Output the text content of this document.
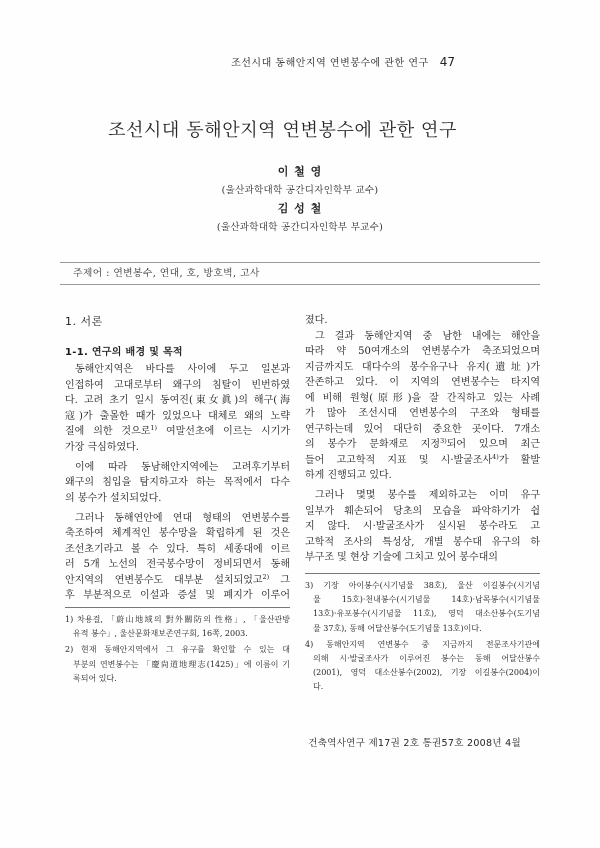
조선시대 동해안지역 연변봉수에 관한 연구 47
조선시대 동해안지역 연변봉수에 관한 연구
이 철 영
(울산과학대학 공간디자인학부 교수)
김 성 철
(울산과학대학 공간디자인학부 부교수)
주제어 : 연변봉수, 연대, 호, 방호벽, 고사
1. 서론
1-1. 연구의 배경 및 목적
동해안지역은 바다를 사이에 두고 일본과
인접하여 고대로부터 왜구의 침탈이 빈번하였
다. 고려 초기 일시 동여진(東女眞)의 해구(海
寇)가 출몰한 때가 있었으나 대체로 왜의 노략
질에 의한 것으로$^{1)}$ 여말선초에 이르는 시기가
가장 극심하였다.
이에 따라 동남해안지역에는 고려후기부터
왜구의 침입을 탐지하고자 하는 목적에서 다수
의 봉수가 설치되었다.
그러나 동해연안에 연대 형태의 연변봉수를
축조하여 체계적인 봉수망을 확립하게 된 것은
조선초기라고 볼 수 있다. 특히 세종대에 이르
러 5개 노선의 전국봉수망이 정비되면서 동해
안지역의 연변봉수도 대부분 설치되었고$^{2)}$ 그
후 부분적으로 이설과 증설 및 폐지가 이루어
1) 차용걸, 「蔚山地域의 對外關防의 性格」, 「울산관방
유적 봉수」, 울산문화재보존연구회, 16쪽, 2003.
2) 현재 동해안지역에서 그 유구를 확인할 수 있는 대
부분의 연변봉수는 「慶尙道地理志(1425)」에 이름이 기
록되어 있다.
졌다.
그 결과 동해안지역 중 남한 내에는 해안을
따라 약 50여개소의 연변봉수가 축조되었으며
지금까지도 대다수의 봉수유구나 유지(遺址)가
잔존하고 있다. 이 지역의 연변봉수는 타지역
에 비해 원형(原形)을 잘 간직하고 있는 사례
가 많아 조선시대 연변봉수의 구조와 형태를
연구하는데 있어 대단히 중요한 곳이다. 7개소
의 봉수가 문화재로 지정$^{3)}$되어 있으며 최근
들어 고고학적 지표 및 시·발굴조사$^{4)}$가 활발
하게 진행되고 있다.
그러나 몇몇 봉수를 제외하고는 이미 유구
일부가 훼손되어 당초의 모습을 파악하기가 쉽
지 않다. 시·발굴조사가 실시된 봉수라도 고
고학적 조사의 특성상, 개별 봉수대 유구의 하
부구조 및 현상 기술에 그치고 있어 봉수대의
3) 기장 아이봉수(시기념물 38호), 울산 이길봉수(시기념
물 15호)·천내봉수(시기념물 14호)·남목봉수(시기념물
13호)·유포봉수(시기념물 11호), 영덕 대소산봉수(도기념
물 37호), 동해 어달산봉수(도기념물 13호)이다.
4) 동해안지역 연변봉수 중 지금까지 전문조사기관에
의해 시·발굴조사가 이루어진 봉수는 동해 어달산봉수
(2001), 영덕 대소산봉수(2002), 기장 이길봉수(2004)이
다.
건축역사연구 제17권 2호 통권57호 2008년 4월
